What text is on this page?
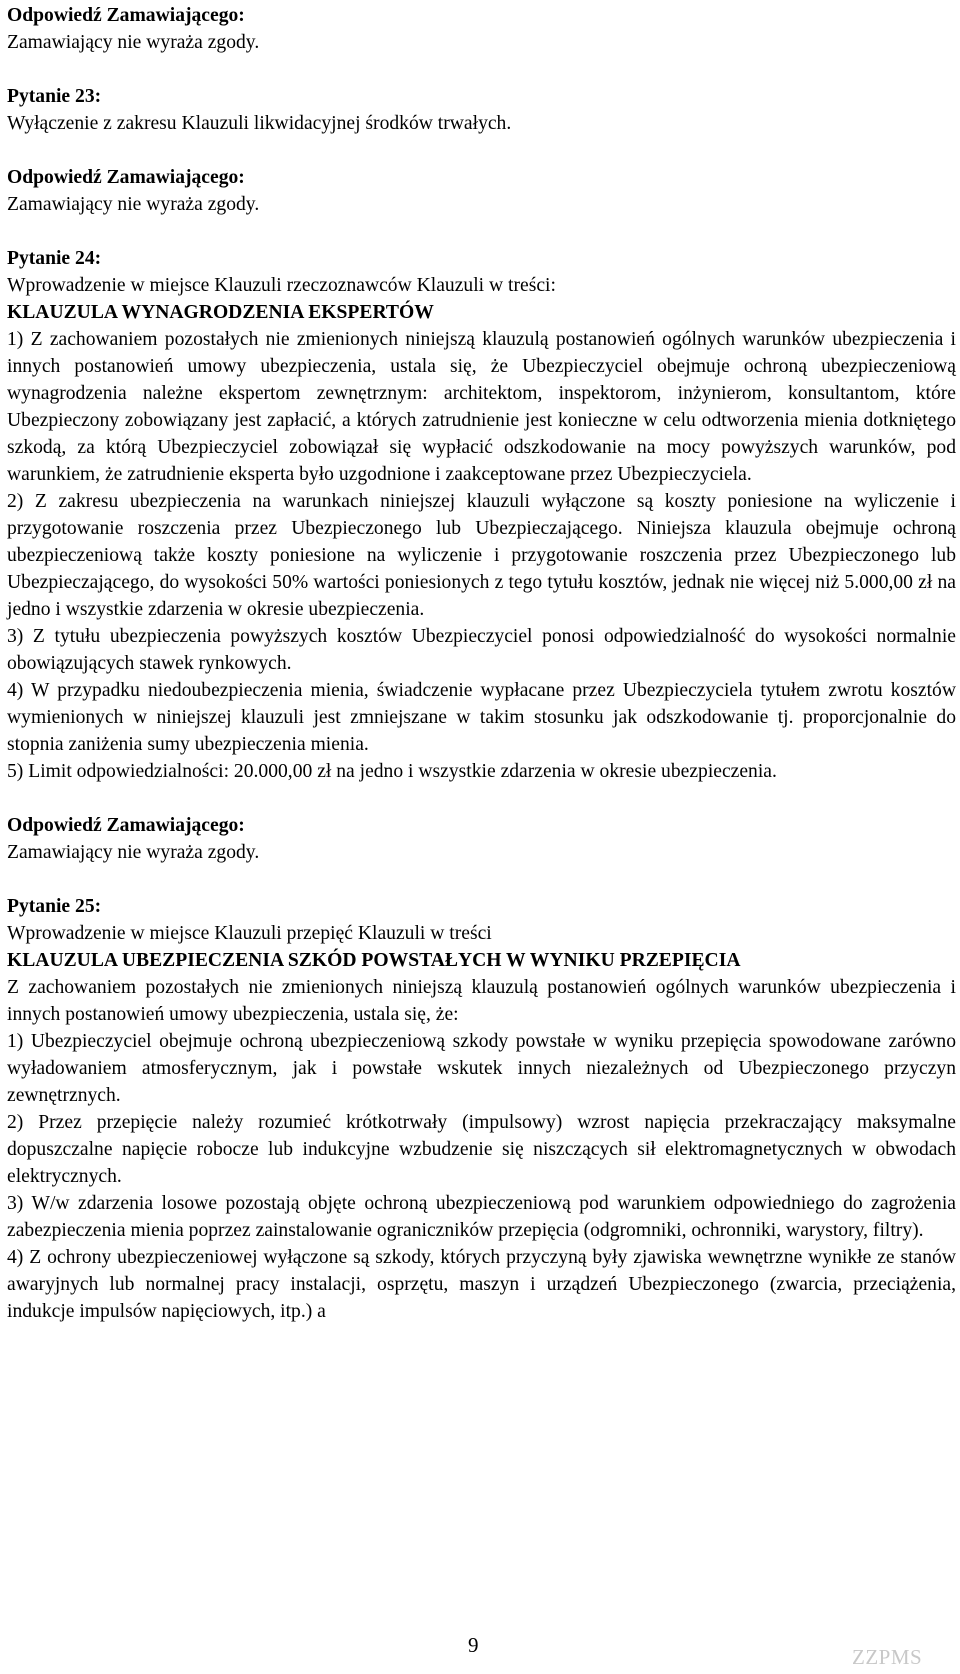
Odpowiedź Zamawiającego:

Zamawiający nie wyraża zgody.

Pytanie 23:

Wyłączenie z zakresu Klauzuli likwidacyjnej środków trwałych.

Odpowiedź Zamawiającego:

Zamawiający nie wyraża zgody.

Pytanie 24:

Wprowadzenie w miejsce Klauzuli rzeczoznawców Klauzuli w treści:

KLAUZULA WYNAGRODZENIA EKSPERTÓW

1) Z zachowaniem pozostałych nie zmienionych niniejszą klauzulą postanowień ogólnych warunków ubezpieczenia i innych postanowień umowy ubezpieczenia, ustala się, że Ubezpieczyciel obejmuje ochroną ubezpieczeniową wynagrodzenia należne ekspertom zewnętrznym: architektom, inspektorom, inżynierom, konsultantom, które Ubezpieczony zobowiązany jest zapłacić, a których zatrudnienie jest konieczne w celu odtworzenia mienia dotkniętego szkodą, za którą Ubezpieczyciel zobowiązał się wypłacić odszkodowanie na mocy powyższych warunków, pod warunkiem, że zatrudnienie eksperta było uzgodnione i zaakceptowane przez Ubezpieczyciela.

2) Z zakresu ubezpieczenia na warunkach niniejszej klauzuli wyłączone są koszty poniesione na wyliczenie i przygotowanie roszczenia przez Ubezpieczonego lub Ubezpieczającego. Niniejsza klauzula obejmuje ochroną ubezpieczeniową także koszty poniesione na wyliczenie i przygotowanie roszczenia przez Ubezpieczonego lub Ubezpieczającego, do wysokości 50% wartości poniesionych z tego tytułu kosztów, jednak nie więcej niż 5.000,00 zł na jedno i wszystkie zdarzenia w okresie ubezpieczenia.

3) Z tytułu ubezpieczenia powyższych kosztów Ubezpieczyciel ponosi odpowiedzialność do wysokości normalnie obowiązujących stawek rynkowych.

4) W przypadku niedoubezpieczenia mienia, świadczenie wypłacane przez Ubezpieczyciela tytułem zwrotu kosztów wymienionych w niniejszej klauzuli jest zmniejszane w takim stosunku jak odszkodowanie tj. proporcjonalnie do stopnia zaniżenia sumy ubezpieczenia mienia.

5) Limit odpowiedzialności: 20.000,00 zł na jedno i wszystkie zdarzenia w okresie ubezpieczenia.

Odpowiedź Zamawiającego:

Zamawiający nie wyraża zgody.

Pytanie 25:

Wprowadzenie w miejsce Klauzuli przepięć Klauzuli w treści

KLAUZULA UBEZPIECZENIA SZKÓD POWSTAŁYCH W WYNIKU PRZEPIĘCIA

Z zachowaniem pozostałych nie zmienionych niniejszą klauzulą postanowień ogólnych warunków ubezpieczenia i innych postanowień umowy ubezpieczenia, ustala się, że:

1) Ubezpieczyciel obejmuje ochroną ubezpieczeniową szkody powstałe w wyniku przepięcia spowodowane zarówno wyładowaniem atmosferycznym, jak i powstałe wskutek innych niezależnych od Ubezpieczonego przyczyn zewnętrznych.

2) Przez przepięcie należy rozumieć krótkotrwały (impulsowy) wzrost napięcia przekraczający maksymalne dopuszczalne napięcie robocze lub indukcyjne wzbudzenie się niszczących sił elektromagnetycznych w obwodach elektrycznych.

3) W/w zdarzenia losowe pozostają objęte ochroną ubezpieczeniową pod warunkiem odpowiedniego do zagrożenia zabezpieczenia mienia poprzez zainstalowanie ograniczników przepięcia (odgromniki, ochronniki, warystory, filtry).

4) Z ochrony ubezpieczeniowej wyłączone są szkody, których przyczyną były zjawiska wewnętrzne wynikłe ze stanów awaryjnych lub normalnej pracy instalacji, osprzętu, maszyn i urządzeń Ubezpieczonego (zwarcia, przeciążenia, indukcje impulsów napięciowych, itp.) a

9	ZZPMS
